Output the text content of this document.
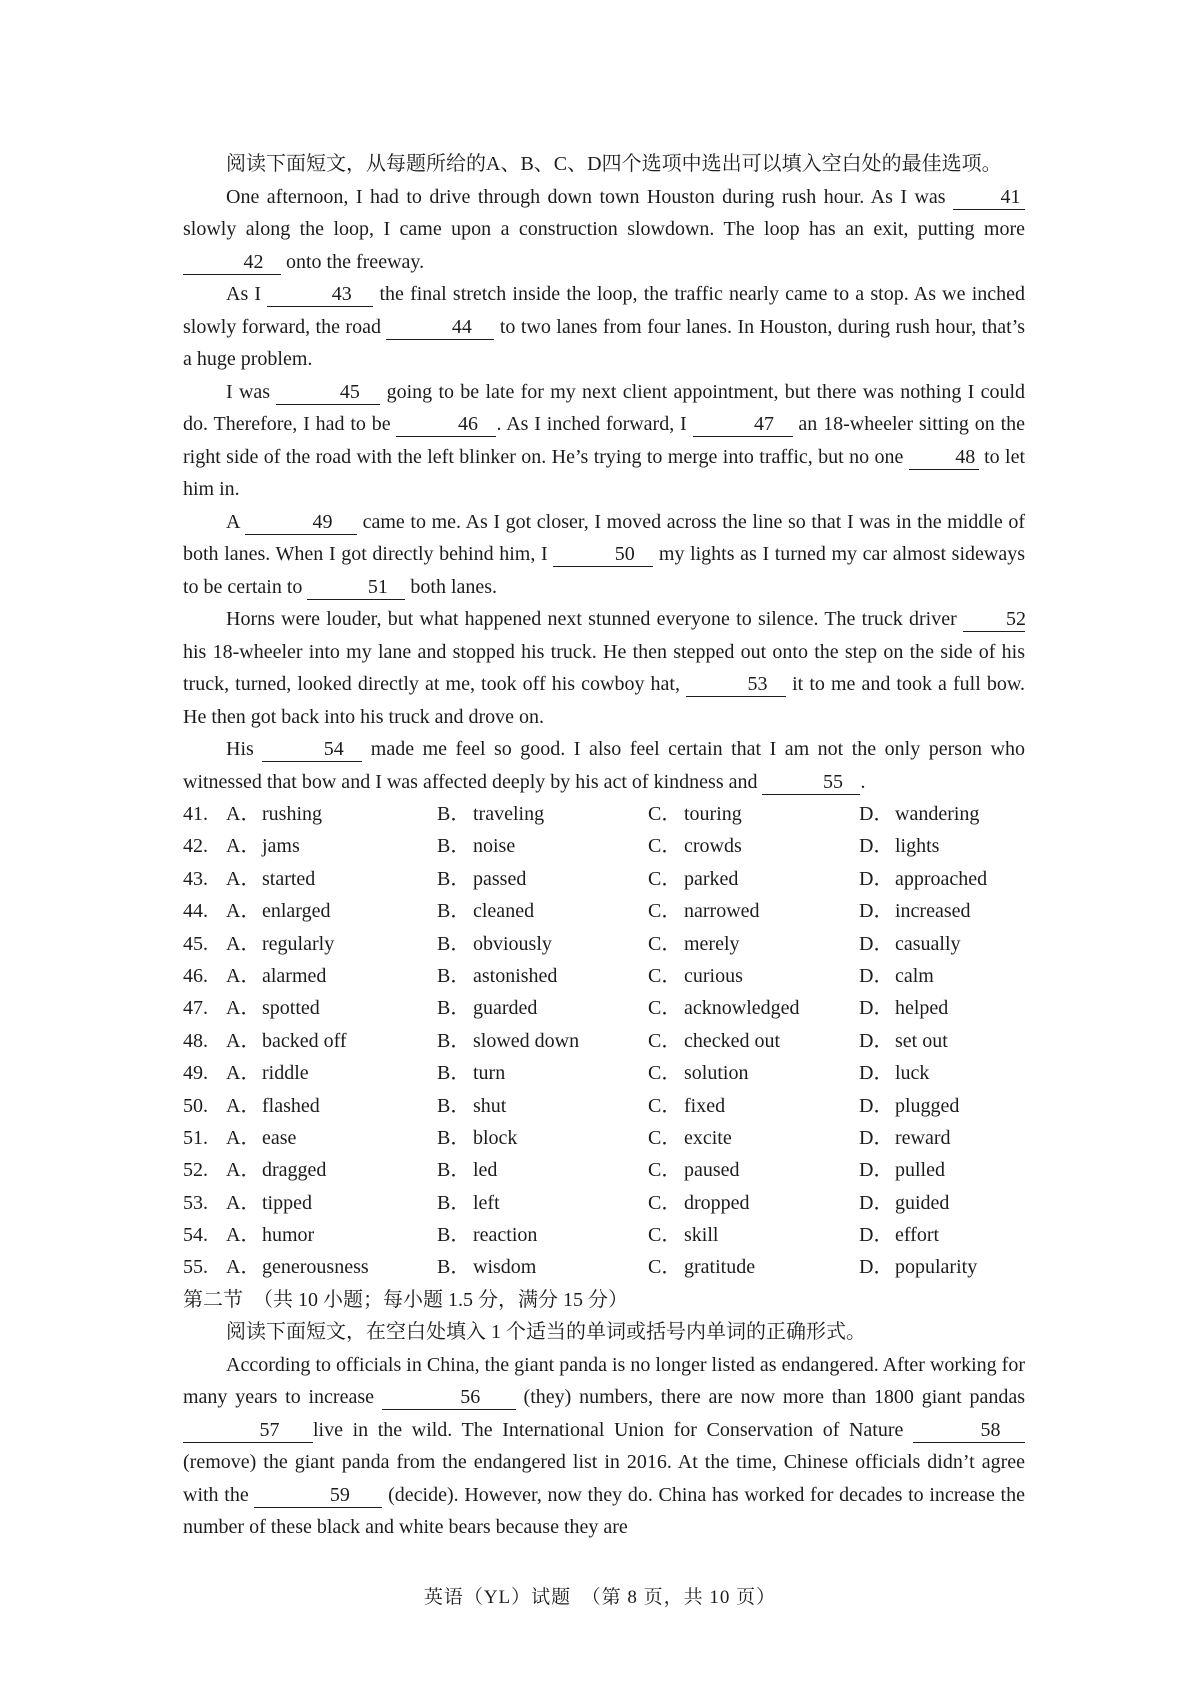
阅读下面短文，从每题所给的A、B、C、D四个选项中选出可以填入空白处的最佳选项。

One afternoon, I had to drive through down town Houston during rush hour. As I was 41 slowly along the loop, I came upon a construction slowdown. The loop has an exit, putting more 42 onto the freeway.

As I	43 the final stretch inside the loop, the traffic nearly came to a stop. As we inched slowly forward, the road	44 to two lanes from four lanes. In Houston, during rush hour, that’s a huge problem.

I was	45 going to be late for my next client appointment, but there was nothing I could do. Therefore, I had to be	46 . As I inched forward, I	47 an 18-wheeler sitting on the right side of the road with the left blinker on. He’s trying to merge into traffic, but no one 48 to let him in.

A	49 came to me. As I got closer, I moved across the line so that I was in the middle of both lanes. When I got directly behind him, I	50 my lights as I turned my car almost sideways to be certain to	51 both lanes.

Horns were louder, but what happened next stunned everyone to silence. The truck driver 52 his 18-wheeler into my lane and stopped his truck. He then stepped out onto the step on the side of his truck, turned, looked directly at me, took off his cowboy hat,	53 it to me and took a full bow. He then got back into his truck and drove on.

His	54 made me feel so good. I also feel certain that I am not the only person who witnessed that bow and I was affected deeply by his act of kindness and	55 .

41. A．rushing	B． traveling	C． touring	D．wandering
42. A．jams	B． noise	C． crowds	D．lights
43. A．started	B． passed	C． parked	D．approached
44. A．enlarged	B． cleaned	C． narrowed	D．increased
45. A．regularly	B． obviously	C． merely	D．casually
46. A．alarmed	B． astonished	C． curious	D．calm
47. A．spotted	B． guarded	C． acknowledged	D．helped
48. A．backed off	B． slowed down	C． checked out	D．set out
49. A．riddle	B． turn	C． solution	D．luck
50. A．flashed	B． shut	C． fixed	D．plugged
51. A．ease	B． block	C． excite	D．reward
52. A．dragged	B． led	C． paused	D．pulled
53. A．tipped	B． left	C． dropped	D．guided
54. A．humor	B． reaction	C． skill	D．effort
55. A．generousness	B． wisdom	C． gratitude	D．popularity

第二节　（共 10 小题；每小题 1.5 分，满分 15 分）

阅读下面短文，在空白处填入 1 个适当的单词或括号内单词的正确形式。

According to officials in China, the giant panda is no longer listed as endangered. After working for many years to increase	56 (they) numbers, there are now more than 1800 giant pandas 57 live in the wild. The International Union for Conservation of Nature	58 (remove) the giant panda from the endangered list in 2016. At the time, Chinese officials didn’t agree with the	59 (decide). However, now they do. China has worked for decades to increase the number of these black and white bears because they are

英语（YL）试题　（第 8 页，共 10 页）
